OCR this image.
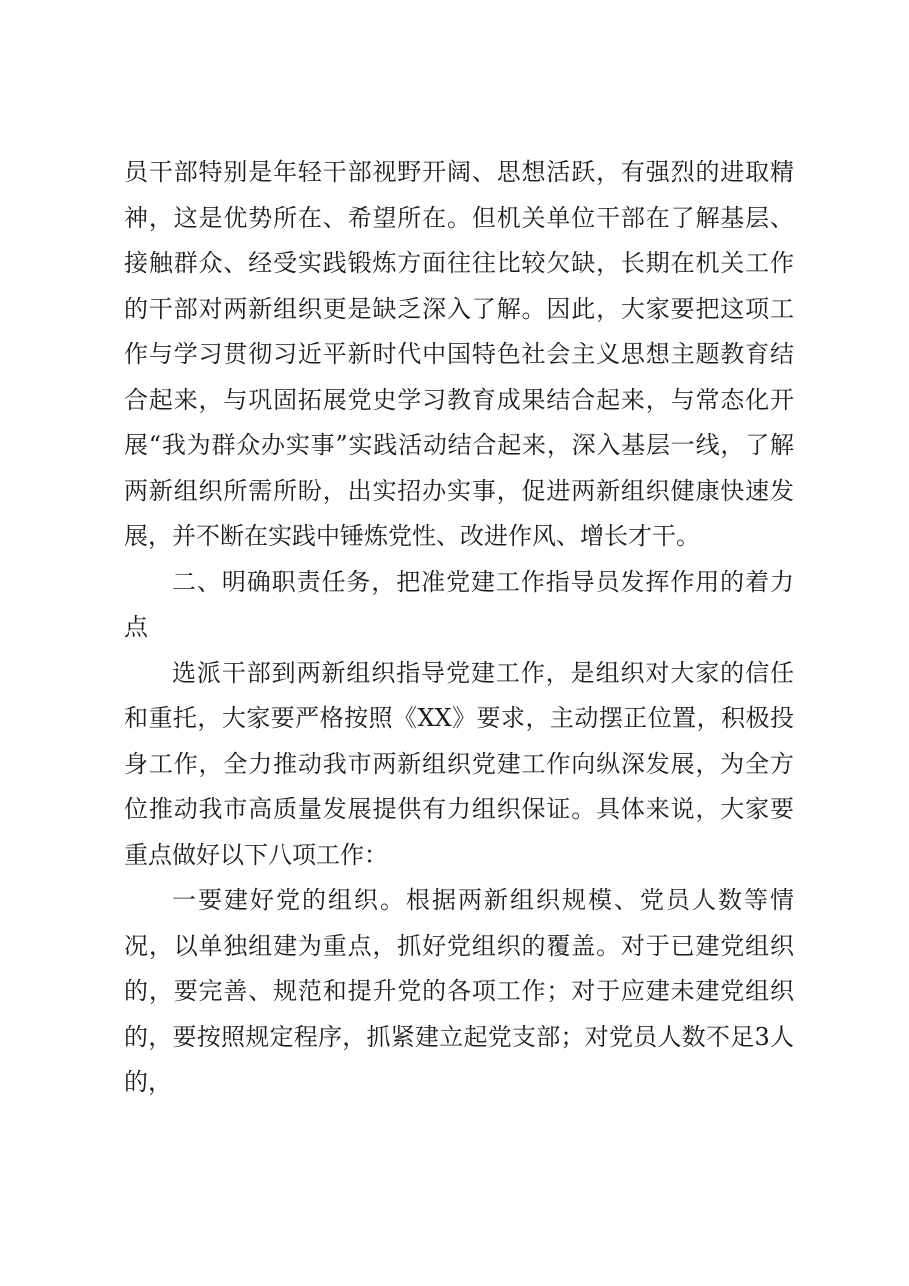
员干部特别是年轻干部视野开阔、思想活跃，有强烈的进取精神，这是优势所在、希望所在。但机关单位干部在了解基层、接触群众、经受实践锻炼方面往往比较欠缺，长期在机关工作的干部对两新组织更是缺乏深入了解。因此，大家要把这项工作与学习贯彻习近平新时代中国特色社会主义思想主题教育结合起来，与巩固拓展党史学习教育成果结合起来，与常态化开展“我为群众办实事”实践活动结合起来，深入基层一线，了解两新组织所需所盼，出实招办实事，促进两新组织健康快速发展，并不断在实践中锤炼党性、改进作风、增长才干。

二、明确职责任务，把准党建工作指导员发挥作用的着力点

选派干部到两新组织指导党建工作，是组织对大家的信任和重托，大家要严格按照《XX》要求，主动摆正位置，积极投身工作，全力推动我市两新组织党建工作向纵深发展，为全方位推动我市高质量发展提供有力组织保证。具体来说，大家要重点做好以下八项工作：

一要建好党的组织。根据两新组织规模、党员人数等情况，以单独组建为重点，抓好党组织的覆盖。对于已建党组织的，要完善、规范和提升党的各项工作；对于应建未建党组织的，要按照规定程序，抓紧建立起党支部；对党员人数不足3人的，
